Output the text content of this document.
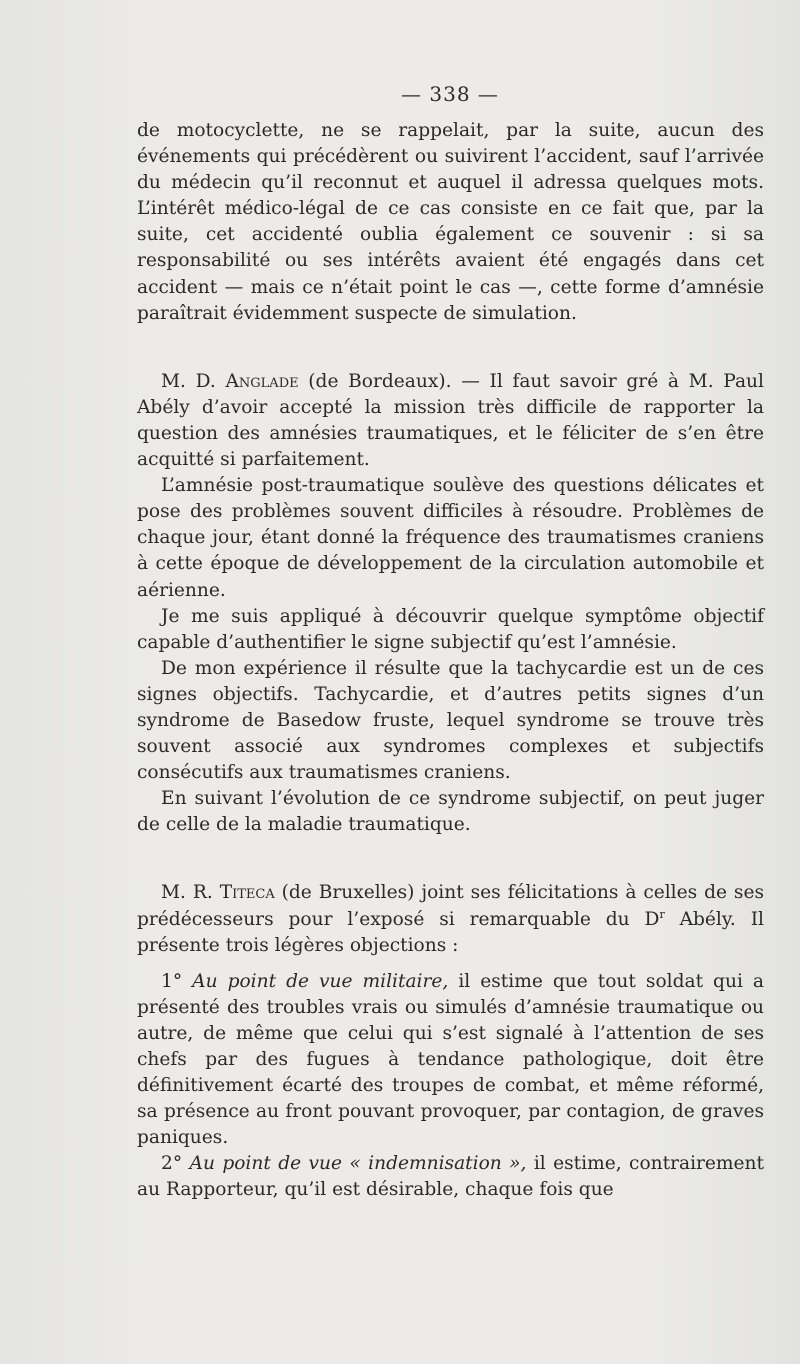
— 338 —

de motocyclette, ne se rappelait, par la suite, aucun des événements qui précédèrent ou suivirent l’accident, sauf l’arrivée du médecin qu’il reconnut et auquel il adressa quelques mots. L’intérêt médico-légal de ce cas consiste en ce fait que, par la suite, cet accidenté oublia également ce souvenir : si sa responsabilité ou ses intérêts avaient été engagés dans cet accident — mais ce n’était point le cas —, cette forme d’amnésie paraîtrait évidemment suspecte de simulation.

M. D. Anglade (de Bordeaux). — Il faut savoir gré à M. Paul Abély d’avoir accepté la mission très difficile de rapporter la question des amnésies traumatiques, et le féliciter de s’en être acquitté si parfaitement.

L’amnésie post-traumatique soulève des questions délicates et pose des problèmes souvent difficiles à résoudre. Problèmes de chaque jour, étant donné la fréquence des traumatismes craniens à cette époque de développement de la circulation automobile et aérienne.

Je me suis appliqué à découvrir quelque symptôme objectif capable d’authentifier le signe subjectif qu’est l’amnésie.

De mon expérience il résulte que la tachycardie est un de ces signes objectifs. Tachycardie, et d’autres petits signes d’un syndrome de Basedow fruste, lequel syndrome se trouve très souvent associé aux syndromes complexes et subjectifs consécutifs aux traumatismes craniens.

En suivant l’évolution de ce syndrome subjectif, on peut juger de celle de la maladie traumatique.

M. R. Titeca (de Bruxelles) joint ses félicitations à celles de ses prédécesseurs pour l’exposé si remarquable du $D^r$ Abély. Il présente trois légères objections :

1° Au point de vue militaire, il estime que tout soldat qui a présenté des troubles vrais ou simulés d’amnésie traumatique ou autre, de même que celui qui s’est signalé à l’attention de ses chefs par des fugues à tendance pathologique, doit être définitivement écarté des troupes de combat, et même réformé, sa présence au front pouvant provoquer, par contagion, de graves paniques.

2° Au point de vue « indemnisation », il estime, contrairement au Rapporteur, qu’il est désirable, chaque fois que
